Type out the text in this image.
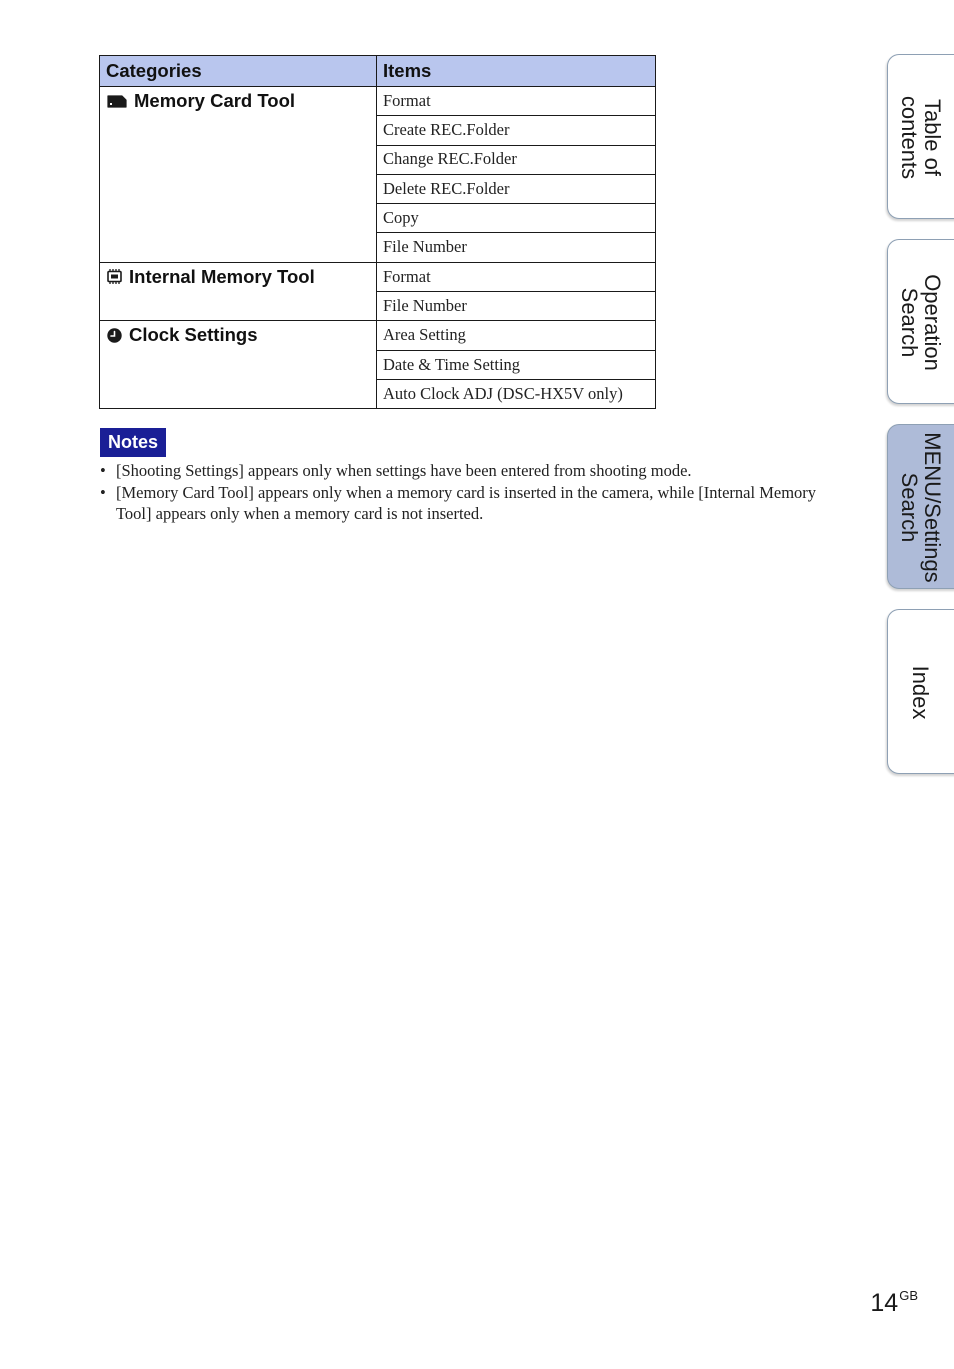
Categories	Items

Memory Card Tool	Format
	Create REC.Folder
	Change REC.Folder
	Delete REC.Folder
	Copy
	File Number

Internal Memory Tool	Format
	File Number

Clock Settings	Area Setting
	Date & Time Setting
	Auto Clock ADJ (DSC-HX5V only)
Notes
• [Shooting Settings] appears only when settings have been entered from shooting mode.
• [Memory Card Tool] appears only when a memory card is inserted in the camera, while [Internal Memory Tool] appears only when a memory card is not inserted.
Table of
contents
Operation
Search
MENU/Settings
Search
Index
$14^{GB}$
